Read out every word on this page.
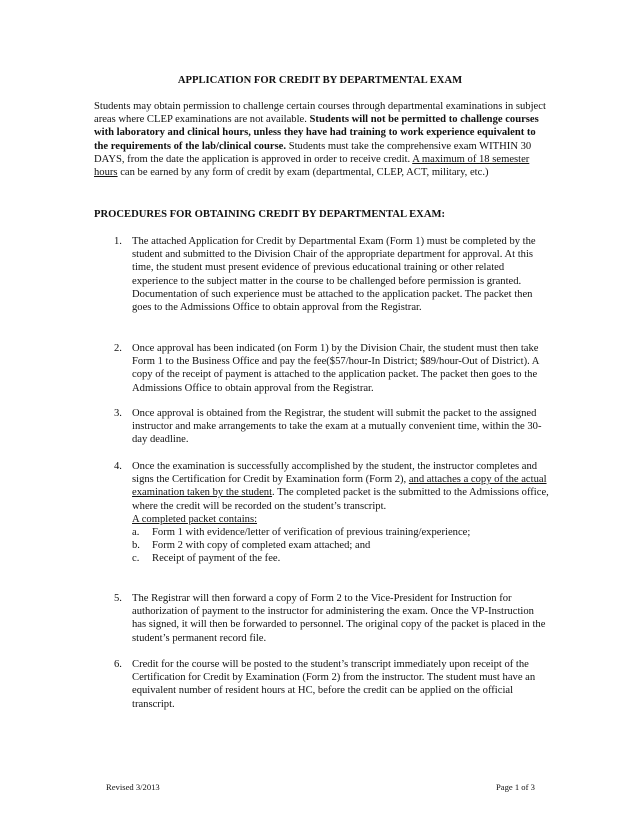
APPLICATION FOR CREDIT BY DEPARTMENTAL EXAM
Students may obtain permission to challenge certain courses through departmental examinations in subject areas where CLEP examinations are not available. Students will not be permitted to challenge courses with laboratory and clinical hours, unless they have had training to work experience equivalent to the requirements of the lab/clinical course. Students must take the comprehensive exam WITHIN 30 DAYS, from the date the application is approved in order to receive credit. A maximum of 18 semester hours can be earned by any form of credit by exam (departmental, CLEP, ACT, military, etc.)
PROCEDURES FOR OBTAINING CREDIT BY DEPARTMENTAL EXAM:
1. The attached Application for Credit by Departmental Exam (Form 1) must be completed by the student and submitted to the Division Chair of the appropriate department for approval. At this time, the student must present evidence of previous educational training or other related experience to the subject matter in the course to be challenged before permission is granted. Documentation of such experience must be attached to the application packet. The packet then goes to the Admissions Office to obtain approval from the Registrar.
2. Once approval has been indicated (on Form 1) by the Division Chair, the student must then take Form 1 to the Business Office and pay the fee($57/hour-In District; $89/hour-Out of District). A copy of the receipt of payment is attached to the application packet. The packet then goes to the Admissions Office to obtain approval from the Registrar.
3. Once approval is obtained from the Registrar, the student will submit the packet to the assigned instructor and make arrangements to take the exam at a mutually convenient time, within the 30-day deadline.
4. Once the examination is successfully accomplished by the student, the instructor completes and signs the Certification for Credit by Examination form (Form 2), and attaches a copy of the actual examination taken by the student. The completed packet is the submitted to the Admissions office, where the credit will be recorded on the student’s transcript.
A completed packet contains:
a. Form 1 with evidence/letter of verification of previous training/experience;
b. Form 2 with copy of completed exam attached; and
c. Receipt of payment of the fee.
5. The Registrar will then forward a copy of Form 2 to the Vice-President for Instruction for authorization of payment to the instructor for administering the exam. Once the VP-Instruction has signed, it will then be forwarded to personnel. The original copy of the packet is placed in the student’s permanent record file.
6. Credit for the course will be posted to the student’s transcript immediately upon receipt of the Certification for Credit by Examination (Form 2) from the instructor. The student must have an equivalent number of resident hours at HC, before the credit can be applied on the official transcript.
Revised 3/2013	Page 1 of 3
